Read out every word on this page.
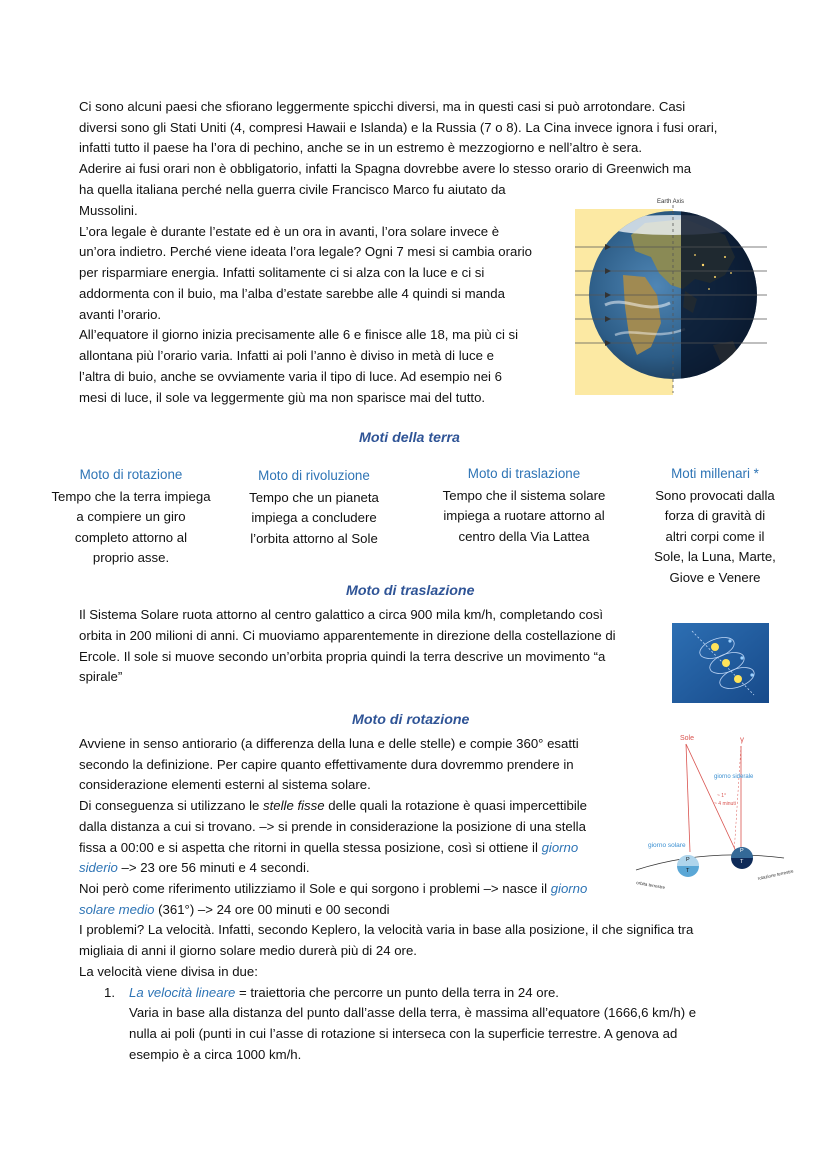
Ci sono alcuni paesi che sfiorano leggermente spicchi diversi, ma in questi casi si può arrotondare. Casi

diversi sono gli Stati Uniti (4, compresi Hawaii e Islanda) e la Russia (7 o 8). La Cina invece ignora i fusi orari,

infatti tutto il paese ha l’ora di pechino, anche se in un estremo è mezzogiorno e nell’altro è sera.

Aderire ai fusi orari non è obbligatorio, infatti la Spagna dovrebbe avere lo stesso orario di Greenwich ma

ha quella italiana perché nella guerra civile Francisco Marco fu aiutato da

Mussolini.

L’ora legale è durante l’estate ed è un ora in avanti, l’ora solare invece è

un’ora indietro. Perché viene ideata l’ora legale? Ogni 7 mesi si cambia orario

per risparmiare energia. Infatti solitamente ci si alza con la luce e ci si

addormenta con il buio, ma l’alba d’estate sarebbe alle 4 quindi si manda

avanti l’orario.

All’equatore il giorno inizia precisamente alle 6 e finisce alle 18, ma più ci si

allontana più l’orario varia. Infatti ai poli l’anno è diviso in metà di luce e

l’altra di buio, anche se ovviamente varia il tipo di luce. Ad esempio nei 6

mesi di luce, il sole va leggermente giù ma non sparisce mai del tutto.

Earth Axis
Moti della terra
Moto di rotazione
Tempo che la terra impiega
a compiere un giro
completo attorno al
proprio asse.
Moto di rivoluzione
Tempo che un pianeta
impiega a concludere
l’orbita attorno al Sole
Moto di traslazione
Tempo che il sistema solare
impiega a ruotare attorno al
centro della Via Lattea
Moti millenari *
Sono provocati dalla
forza di gravità di
altri corpi come il
Sole, la Luna, Marte,
Giove e Venere
Moto di traslazione

Il Sistema Solare ruota attorno al centro galattico a circa 900 mila km/h, completando così

orbita in 200 milioni di anni. Ci muoviamo apparentemente in direzione della costellazione di

Ercole. Il sole si muove secondo un’orbita propria quindi la terra descrive un movimento “a

spirale”

Moto di rotazione

Avviene in senso antiorario (a differenza della luna e delle stelle) e compie 360° esatti

secondo la definizione. Per capire quanto effettivamente dura dovremmo prendere in

considerazione elementi esterni al sistema solare.

Di conseguenza si utilizzano le stelle fisse delle quali la rotazione è quasi impercettibile

dalla distanza a cui si trovano. –> si prende in considerazione la posizione di una stella

fissa a 00:00 e si aspetta che ritorni in quella stessa posizione, così si ottiene il giorno

siderio –> 23 ore 56 minuti e 4 secondi.

Noi però come riferimento utilizziamo il Sole e qui sorgono i problemi –> nasce il giorno

solare medio (361°) –> 24 ore 00 minuti e 00 secondi

I problemi? La velocità. Infatti, secondo Keplero, la velocità varia in base alla posizione, il che significa tra

migliaia di anni il giorno solare medio durerà più di 24 ore.

La velocità viene divisa in due:

1. La velocità lineare = traiettoria che percorre un punto della terra in 24 ore.

Varia in base alla distanza del punto dall’asse della terra, è massima all’equatore (1666,6 km/h) e

nulla ai poli (punti in cui l’asse di rotazione si interseca con la superficie terrestre. A genova ad

esempio è a circa 1000 km/h.

Sole	γ
giorno siderale
~ 1°
~ 4 minuti
giorno solare
P
T
P
T
orbita terrestre
rotazione terrestre
